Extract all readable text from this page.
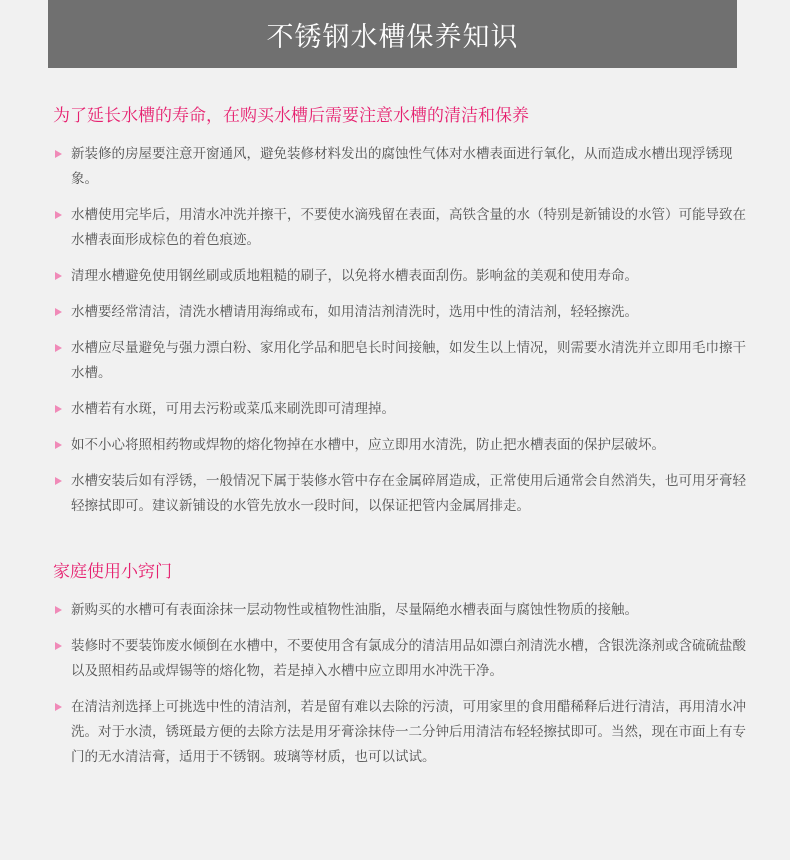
不锈钢水槽保养知识
为了延长水槽的寿命，在购买水槽后需要注意水槽的清洁和保养
新装修的房屋要注意开窗通风，避免装修材料发出的腐蚀性气体对水槽表面进行氧化，从而造成水槽出现浮锈现象。
水槽使用完毕后，用清水冲洗并擦干，不要使水滴残留在表面，高铁含量的水（特别是新铺设的水管）可能导致在水槽表面形成棕色的着色痕迹。
清理水槽避免使用钢丝刷或质地粗糙的刷子，以免将水槽表面刮伤。影响盆的美观和使用寿命。
水槽要经常清洁，清洗水槽请用海绵或布，如用清洁剂清洗时，选用中性的清洁剂，轻轻擦洗。
水槽应尽量避免与强力漂白粉、家用化学品和肥皂长时间接触，如发生以上情况，则需要水清洗并立即用毛巾擦干水槽。
水槽若有水斑，可用去污粉或菜瓜来刷洗即可清理掉。
如不小心将照相药物或焊物的熔化物掉在水槽中，应立即用水清洗，防止把水槽表面的保护层破坏。
水槽安装后如有浮锈，一般情况下属于装修水管中存在金属碎屑造成，正常使用后通常会自然消失，也可用牙膏轻轻擦拭即可。建议新铺设的水管先放水一段时间，以保证把管内金属屑排走。
家庭使用小窍门
新购买的水槽可有表面涂抹一层动物性或植物性油脂，尽量隔绝水槽表面与腐蚀性物质的接触。
装修时不要装饰废水倾倒在水槽中，不要使用含有氯成分的清洁用品如漂白剂清洗水槽，含银洗涤剂或含硫硫盐酸以及照相药品或焊锡等的熔化物，若是掉入水槽中应立即用水冲洗干净。
在清洁剂选择上可挑选中性的清洁剂，若是留有难以去除的污渍，可用家里的食用醋稀释后进行清洁，再用清水冲洗。对于水渍，锈斑最方便的去除方法是用牙膏涂抹侍一二分钟后用清洁布轻轻擦拭即可。当然，现在市面上有专门的无水清洁膏，适用于不锈钢。玻璃等材质，也可以试试。
